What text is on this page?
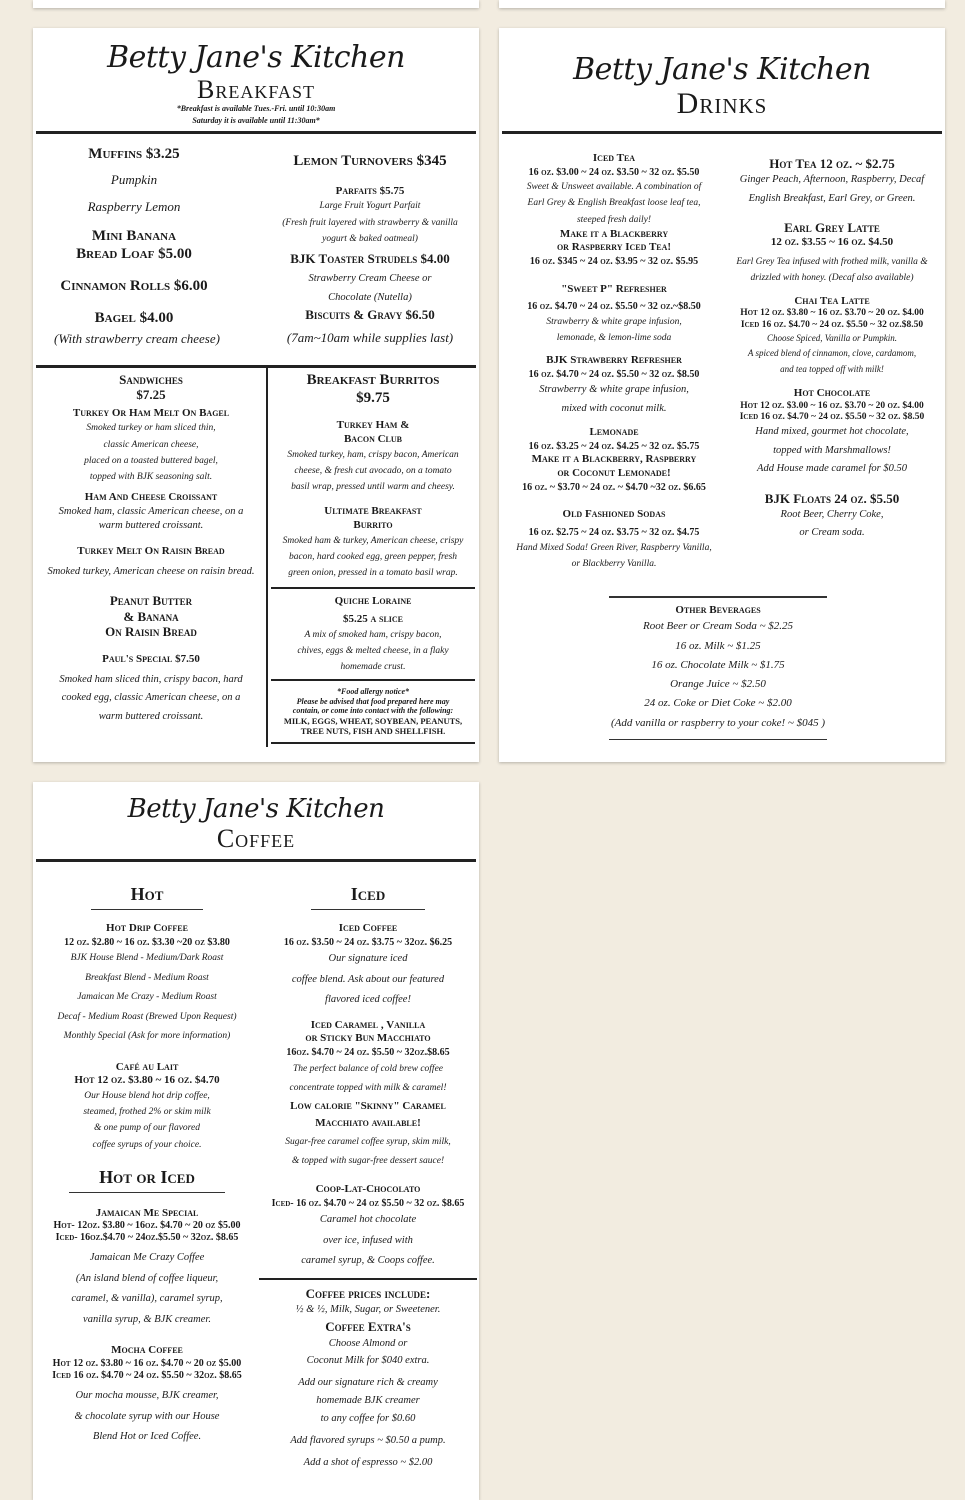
Betty Jane's Kitchen
Breakfast
*Breakfast is available Tues.-Fri. until 10:30am
Saturday it is available until 11:30am*
Muffins $3.25
Pumpkin
Raspberry Lemon
Mini Banana
Bread Loaf $5.00
Cinnamon Rolls $6.00
Bagel $4.00
(With strawberry cream cheese)
Lemon Turnovers $345
Parfaits $5.75
Large Fruit Yogurt Parfait
(Fresh fruit layered with strawberry & vanilla
yogurt & baked oatmeal)
BJK Toaster Strudels $4.00
Strawberry Cream Cheese or
Chocolate (Nutella)
Biscuits & Gravy $6.50
(7am~10am while supplies last)
Sandwiches
$7.25
Turkey Or Ham Melt On Bagel
Smoked turkey or ham sliced thin,
classic American cheese,
placed on a toasted buttered bagel,
topped with BJK seasoning salt.
Ham And Cheese Croissant
Smoked ham, classic American cheese, on a
warm buttered croissant.
Turkey Melt On Raisin Bread
Smoked turkey, American cheese on raisin bread.
Peanut Butter
& Banana
On Raisin Bread
Paul's Special $7.50
Smoked ham sliced thin, crispy bacon, hard
cooked egg, classic American cheese, on a
warm buttered croissant.
Breakfast Burritos
$9.75
Turkey Ham &
Bacon Club
Smoked turkey, ham, crispy bacon, American
cheese, & fresh cut avocado, on a tomato
basil wrap, pressed until warm and cheesy.
Ultimate Breakfast
Burrito
Smoked ham & turkey, American cheese, crispy
bacon, hard cooked egg, green pepper, fresh
green onion, pressed in a tomato basil wrap.
Quiche Loraine
$5.25 a slice
A mix of smoked ham, crispy bacon,
chives, eggs & melted cheese, in a flaky
homemade crust.
*Food allergy notice*
Please be advised that food prepared here may
contain, or come into contact with the following:
MILK, EGGS, WHEAT, SOYBEAN, PEANUTS,
TREE NUTS, FISH AND SHELLFISH.
Betty Jane's Kitchen
Drinks
Iced Tea
16 oz. $3.00 ~ 24 oz. $3.50 ~ 32 oz. $5.50
Sweet & Unsweet available. A combination of
Earl Grey & English Breakfast loose leaf tea,
steeped fresh daily!
Make it a Blackberry
or Raspberry Iced Tea!
16 oz. $345 ~ 24 oz. $3.95 ~ 32 oz. $5.95
"Sweet P" Refresher
16 oz. $4.70 ~ 24 oz. $5.50 ~ 32 oz.~$8.50
Strawberry & white grape infusion,
lemonade, & lemon-lime soda
BJK Strawberry Refresher
16 oz. $4.70 ~ 24 oz. $5.50 ~ 32 oz. $8.50
Strawberry & white grape infusion,
mixed with coconut milk.
Lemonade
16 oz. $3.25 ~ 24 oz. $4.25 ~ 32 oz. $5.75
Make it a Blackberry, Raspberry
or Coconut Lemonade!
16 oz. ~ $3.70 ~ 24 oz. ~ $4.70 ~32 oz. $6.65
Old Fashioned Sodas
16 oz. $2.75 ~ 24 oz. $3.75 ~ 32 oz. $4.75
Hand Mixed Soda! Green River, Raspberry Vanilla,
or Blackberry Vanilla.
Hot Tea 12 oz. ~ $2.75
Ginger Peach, Afternoon, Raspberry, Decaf
English Breakfast, Earl Grey, or Green.
Earl Grey Latte
12 oz. $3.55 ~ 16 oz. $4.50
Earl Grey Tea infused with frothed milk, vanilla &
drizzled with honey. (Decaf also available)
Chai Tea Latte
Hot 12 oz. $3.80 ~ 16 oz. $3.70 ~ 20 oz. $4.00
Iced 16 oz. $4.70 ~ 24 oz. $5.50 ~ 32 oz.$8.50
Choose Spiced, Vanilla or Pumpkin.
A spiced blend of cinnamon, clove, cardamom,
and tea topped off with milk!
Hot Chocolate
Hot 12 oz. $3.00 ~ 16 oz. $3.70 ~ 20 oz. $4.00
Iced 16 oz. $4.70 ~ 24 oz. $5.50 ~ 32 oz. $8.50
Hand mixed, gourmet hot chocolate,
topped with Marshmallows!
Add House made caramel for $0.50
BJK Floats 24 oz. $5.50
Root Beer, Cherry Coke,
or Cream soda.
Other Beverages
Root Beer or Cream Soda ~ $2.25
16 oz. Milk ~ $1.25
16 oz. Chocolate Milk ~ $1.75
Orange Juice ~ $2.50
24 oz. Coke or Diet Coke ~ $2.00
(Add vanilla or raspberry to your coke! ~ $045 )
Betty Jane's Kitchen
Coffee
Hot
Hot Drip Coffee
12 oz. $2.80 ~ 16 oz. $3.30 ~20 oz $3.80
BJK House Blend - Medium/Dark Roast
Breakfast Blend - Medium Roast
Jamaican Me Crazy - Medium Roast
Decaf - Medium Roast (Brewed Upon Request)
Monthly Special (Ask for more information)
Café au Lait
Hot 12 oz. $3.80 ~ 16 oz. $4.70
Our House blend hot drip coffee,
steamed, frothed 2% or skim milk
& one pump of our flavored
coffee syrups of your choice.
Hot or Iced
Jamaican Me Special
Hot- 12oz. $3.80 ~ 16oz. $4.70 ~ 20 oz $5.00
Iced- 16oz.$4.70 ~ 24oz.$5.50 ~ 32oz. $8.65
Jamaican Me Crazy Coffee
(An island blend of coffee liqueur,
caramel, & vanilla), caramel syrup,
vanilla syrup, & BJK creamer.
Mocha Coffee
Hot 12 oz. $3.80 ~ 16 oz. $4.70 ~ 20 oz $5.00
Iced 16 oz. $4.70 ~ 24 oz. $5.50 ~ 32oz. $8.65
Our mocha mousse, BJK creamer,
& chocolate syrup with our House
Blend Hot or Iced Coffee.
Iced
Iced Coffee
16 oz. $3.50 ~ 24 oz. $3.75 ~ 32oz. $6.25
Our signature iced
coffee blend. Ask about our featured
flavored iced coffee!
Iced Caramel , Vanilla
or Sticky Bun Macchiato
16oz. $4.70 ~ 24 oz. $5.50 ~ 32oz.$8.65
The perfect balance of cold brew coffee
concentrate topped with milk & caramel!
Low calorie "Skinny" Caramel
Macchiato available!
Sugar-free caramel coffee syrup, skim milk,
& topped with sugar-free dessert sauce!
Coop-Lat-Chocolato
Iced- 16 oz. $4.70 ~ 24 oz $5.50 ~ 32 oz. $8.65
Caramel hot chocolate
over ice, infused with
caramel syrup, & Coops coffee.
Coffee prices include:
½ & ½, Milk, Sugar, or Sweetener.
Coffee Extra's
Choose Almond or
Coconut Milk for $040 extra.
Add our signature rich & creamy
homemade BJK creamer
to any coffee for $0.60
Add flavored syrups ~ $0.50 a pump.
Add a shot of espresso ~ $2.00
